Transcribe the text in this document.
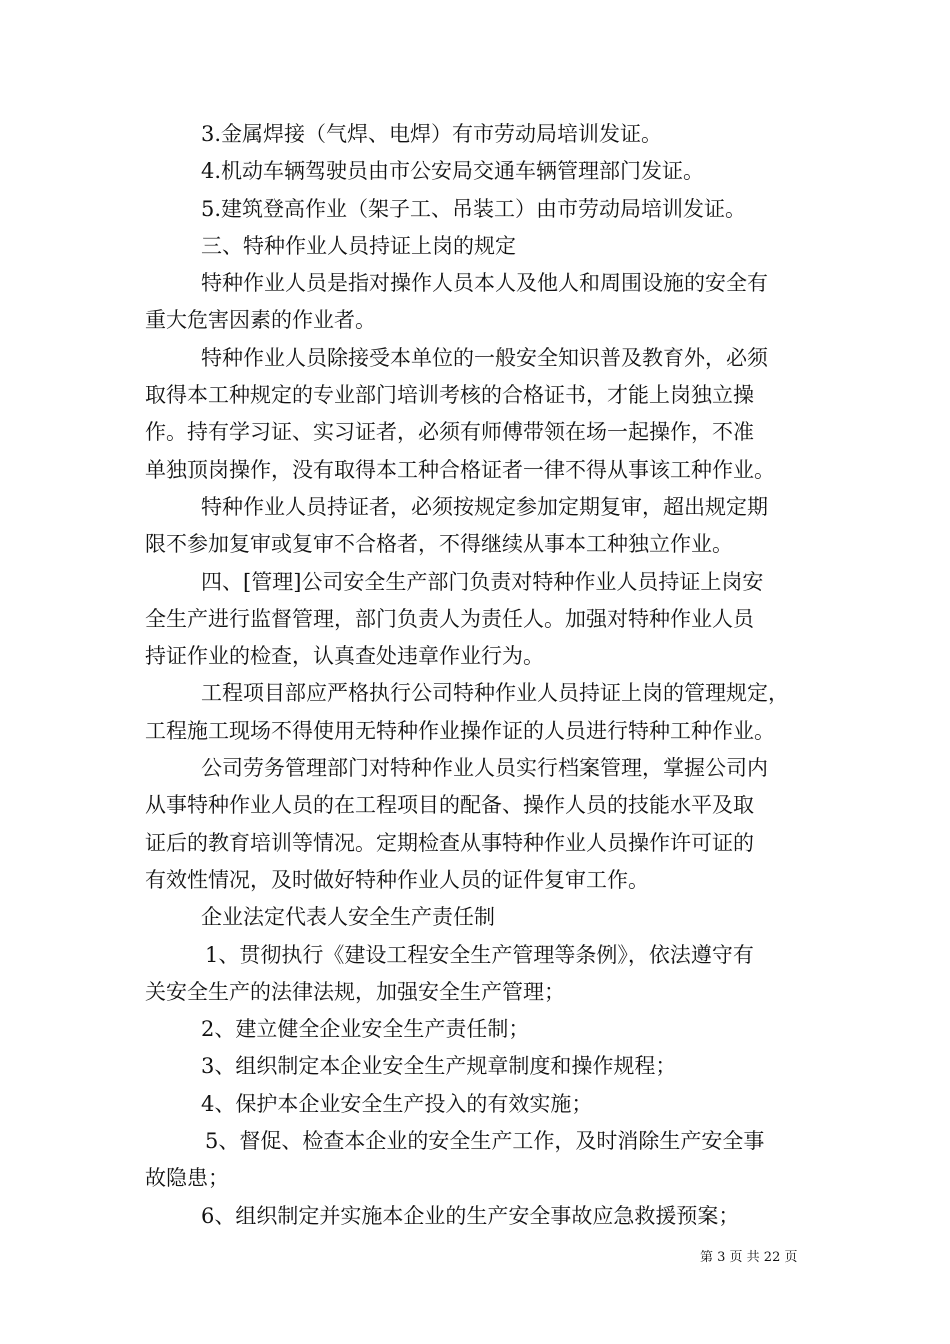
3.金属焊接（气焊、电焊）有市劳动局培训发证。
4.机动车辆驾驶员由市公安局交通车辆管理部门发证。
5.建筑登高作业（架子工、吊装工）由市劳动局培训发证。
三、特种作业人员持证上岗的规定
特种作业人员是指对操作人员本人及他人和周围设施的安全有
重大危害因素的作业者。
特种作业人员除接受本单位的一般安全知识普及教育外，必须
取得本工种规定的专业部门培训考核的合格证书，才能上岗独立操
作。持有学习证、实习证者，必须有师傅带领在场一起操作，不准
单独顶岗操作，没有取得本工种合格证者一律不得从事该工种作业。
特种作业人员持证者，必须按规定参加定期复审，超出规定期
限不参加复审或复审不合格者，不得继续从事本工种独立作业。
四、[管理]公司安全生产部门负责对特种作业人员持证上岗安
全生产进行监督管理，部门负责人为责任人。加强对特种作业人员
持证作业的检查，认真查处违章作业行为。
工程项目部应严格执行公司特种作业人员持证上岗的管理规定，
工程施工现场不得使用无特种作业操作证的人员进行特种工种作业。
公司劳务管理部门对特种作业人员实行档案管理，掌握公司内
从事特种作业人员的在工程项目的配备、操作人员的技能水平及取
证后的教育培训等情况。定期检查从事特种作业人员操作许可证的
有效性情况，及时做好特种作业人员的证件复审工作。
企业法定代表人安全生产责任制
1、贯彻执行《建设工程安全生产管理等条例》，依法遵守有
关安全生产的法律法规，加强安全生产管理；
2、建立健全企业安全生产责任制；
3、组织制定本企业安全生产规章制度和操作规程；
4、保护本企业安全生产投入的有效实施；
5、督促、检查本企业的安全生产工作，及时消除生产安全事
故隐患；
6、组织制定并实施本企业的生产安全事故应急救援预案；
第 3 页 共 22 页
